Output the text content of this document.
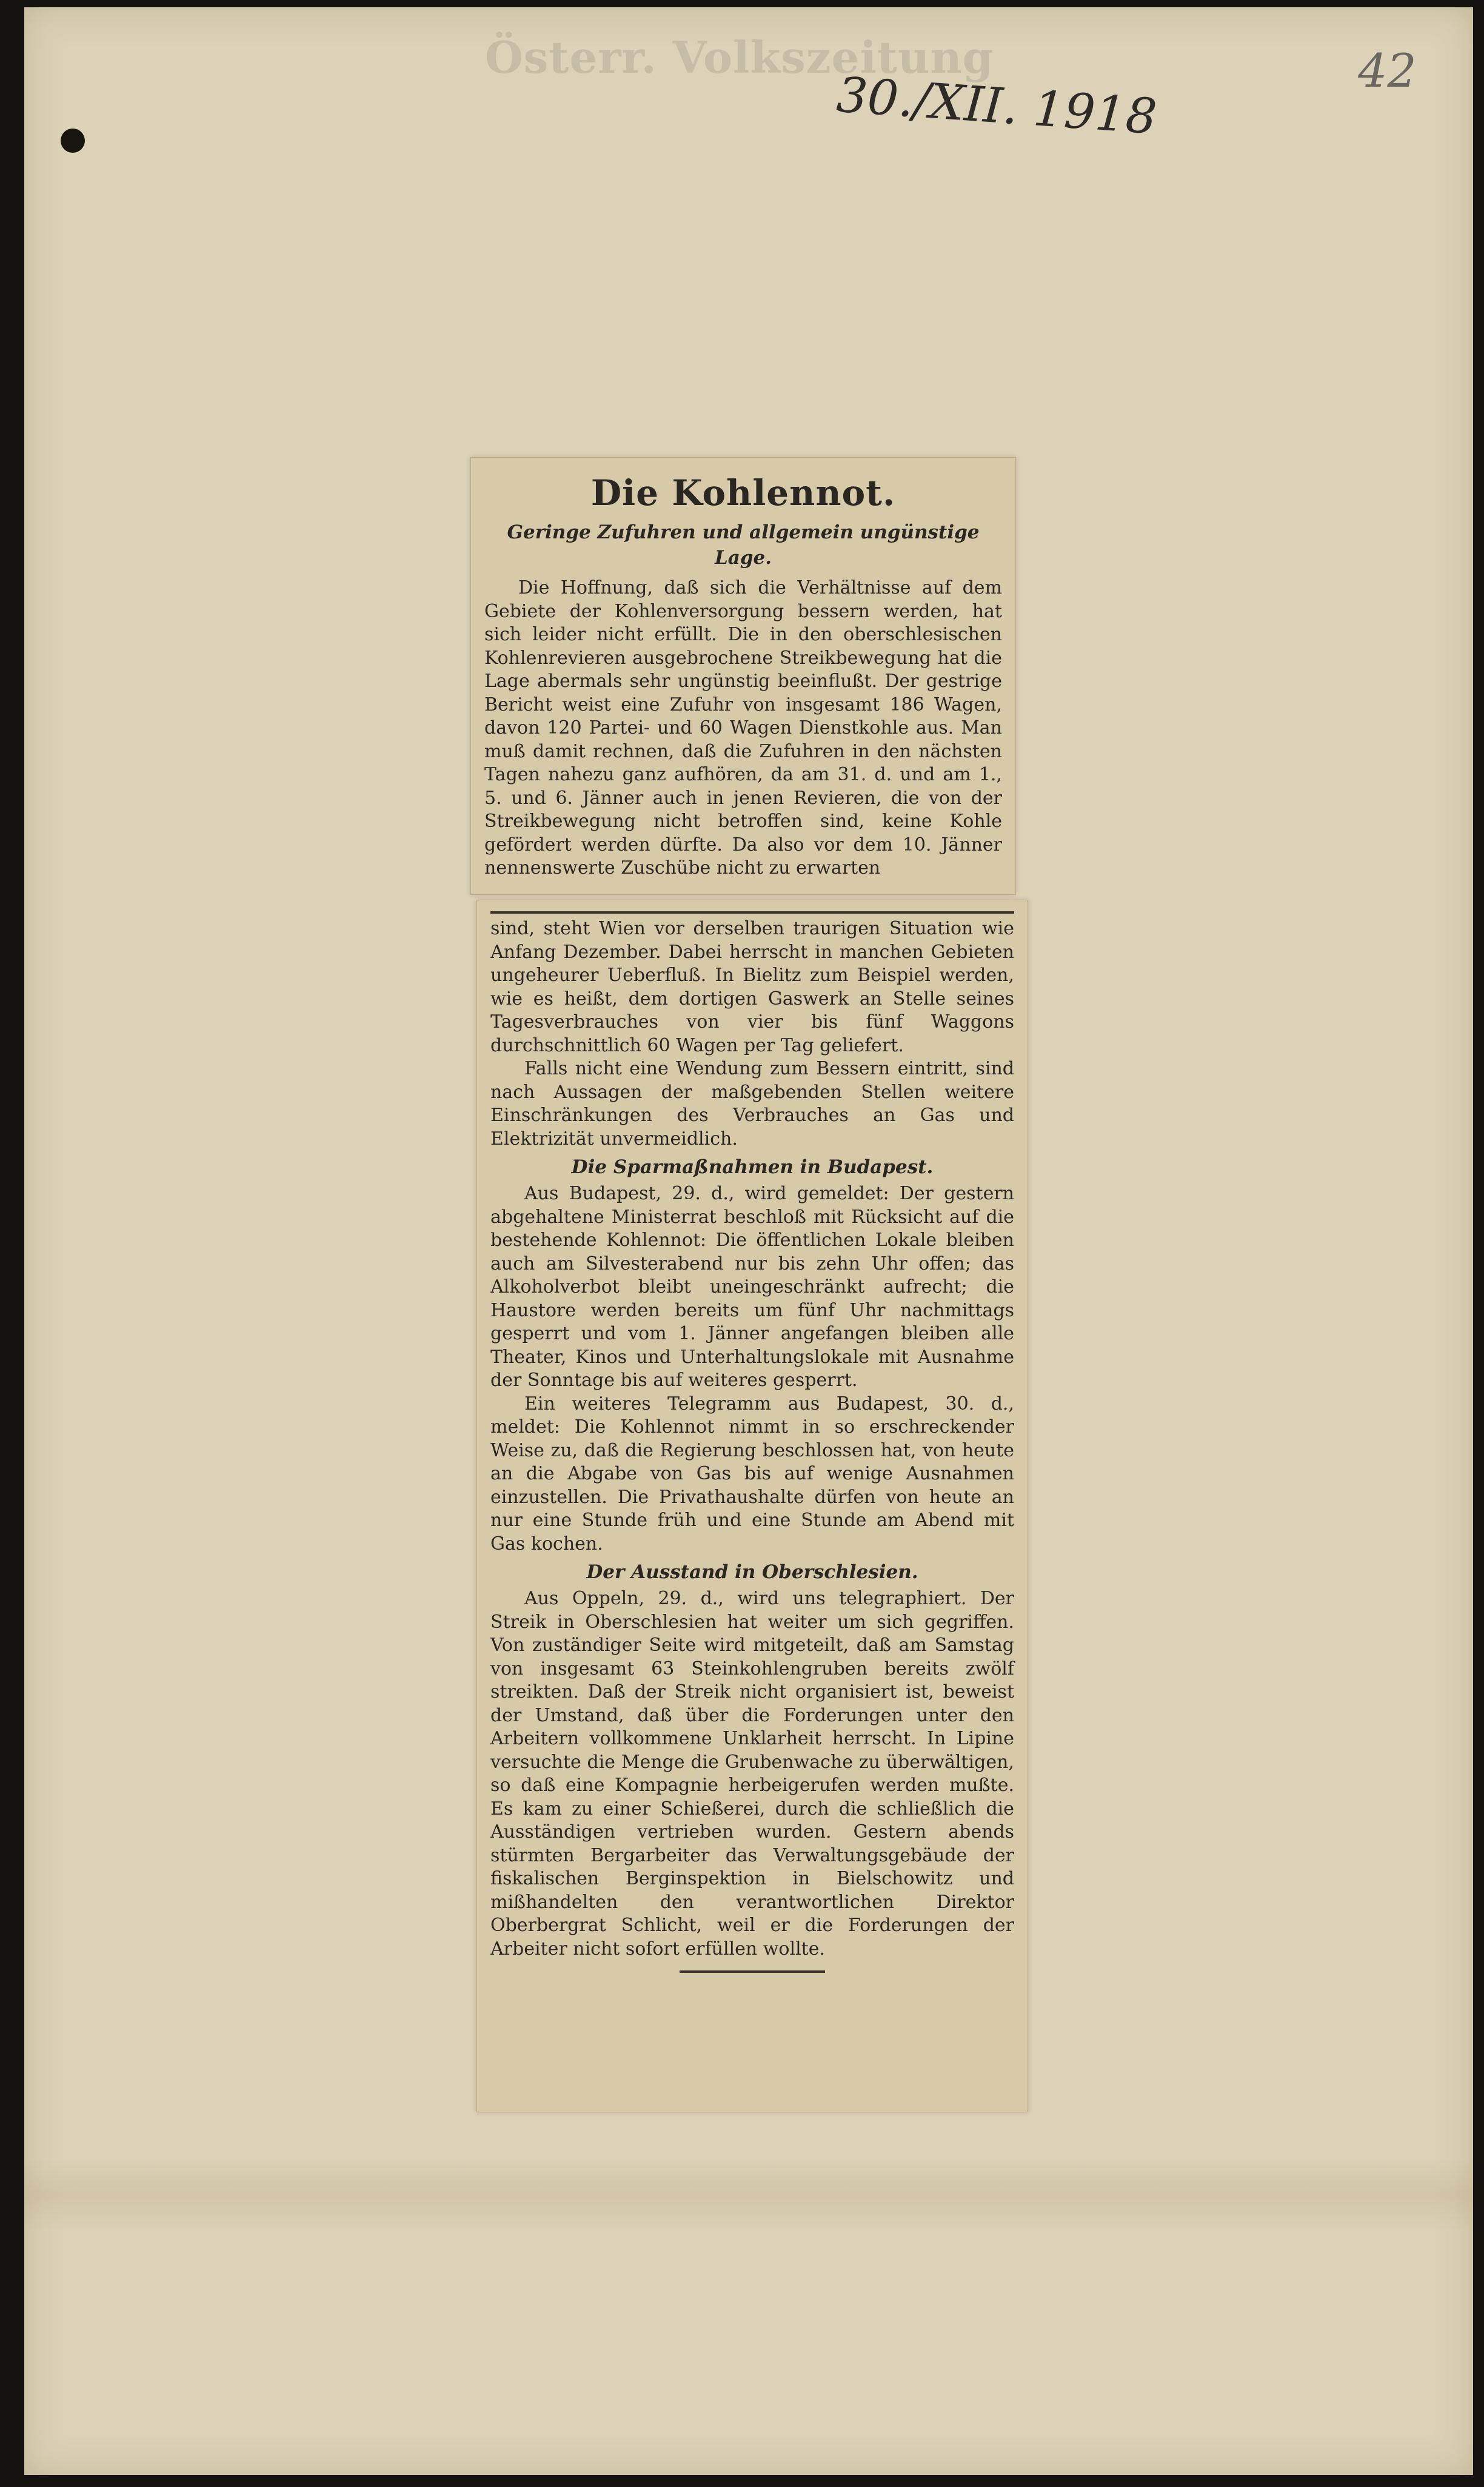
Österr. Volkszeitung
30./XII. 1918	42
Die Kohlennot.
Geringe Zufuhren und allgemein ungünstige Lage.

Die Hoffnung, daß sich die Verhältnisse auf dem Gebiete der Kohlenversorgung bessern werden, hat sich leider nicht erfüllt. Die in den oberschlesischen Kohlenrevieren ausgebrochene Streikbewegung hat die Lage abermals sehr ungünstig beeinflußt. Der gestrige Bericht weist eine Zufuhr von insgesamt 186 Wagen, davon 120 Partei- und 60 Wagen Dienstkohle aus. Man muß damit rechnen, daß die Zufuhren in den nächsten Tagen nahezu ganz aufhören, da am 31. d. und am 1., 5. und 6. Jänner auch in jenen Revieren, die von der Streikbewegung nicht betroffen sind, keine Kohle gefördert werden dürfte. Da also vor dem 10. Jänner nennenswerte Zuschübe nicht zu erwarten

sind, steht Wien vor derselben traurigen Situation wie Anfang Dezember. Dabei herrscht in manchen Gebieten ungeheurer Ueberfluß. In Bielitz zum Beispiel werden, wie es heißt, dem dortigen Gaswerk an Stelle seines Tagesverbrauches von vier bis fünf Waggons durchschnittlich 60 Wagen per Tag geliefert.

Falls nicht eine Wendung zum Bessern eintritt, sind nach Aussagen der maßgebenden Stellen weitere Einschränkungen des Verbrauches an Gas und Elektrizität unvermeidlich.

Die Sparmaßnahmen in Budapest.

Aus Budapest, 29. d., wird gemeldet: Der gestern abgehaltene Ministerrat beschloß mit Rücksicht auf die bestehende Kohlennot: Die öffentlichen Lokale bleiben auch am Silvesterabend nur bis zehn Uhr offen; das Alkoholverbot bleibt uneingeschränkt aufrecht; die Haustore werden bereits um fünf Uhr nachmittags gesperrt und vom 1. Jänner angefangen bleiben alle Theater, Kinos und Unterhaltungslokale mit Ausnahme der Sonntage bis auf weiteres gesperrt.

Ein weiteres Telegramm aus Budapest, 30. d., meldet: Die Kohlennot nimmt in so erschreckender Weise zu, daß die Regierung beschlossen hat, von heute an die Abgabe von Gas bis auf wenige Ausnahmen einzustellen. Die Privathaushalte dürfen von heute an nur eine Stunde früh und eine Stunde am Abend mit Gas kochen.

Der Ausstand in Oberschlesien.

Aus Oppeln, 29. d., wird uns telegraphiert. Der Streik in Oberschlesien hat weiter um sich gegriffen. Von zuständiger Seite wird mitgeteilt, daß am Samstag von insgesamt 63 Steinkohlengruben bereits zwölf streikten. Daß der Streik nicht organisiert ist, beweist der Umstand, daß über die Forderungen unter den Arbeitern vollkommene Unklarheit herrscht. In Lipine versuchte die Menge die Grubenwache zu überwältigen, so daß eine Kompagnie herbeigerufen werden mußte. Es kam zu einer Schießerei, durch die schließlich die Ausständigen vertrieben wurden. Gestern abends stürmten Bergarbeiter das Verwaltungsgebäude der fiskalischen Berginspektion in Bielschowitz und mißhandelten den verantwortlichen Direktor Oberbergrat Schlicht, weil er die Forderungen der Arbeiter nicht sofort erfüllen wollte.
